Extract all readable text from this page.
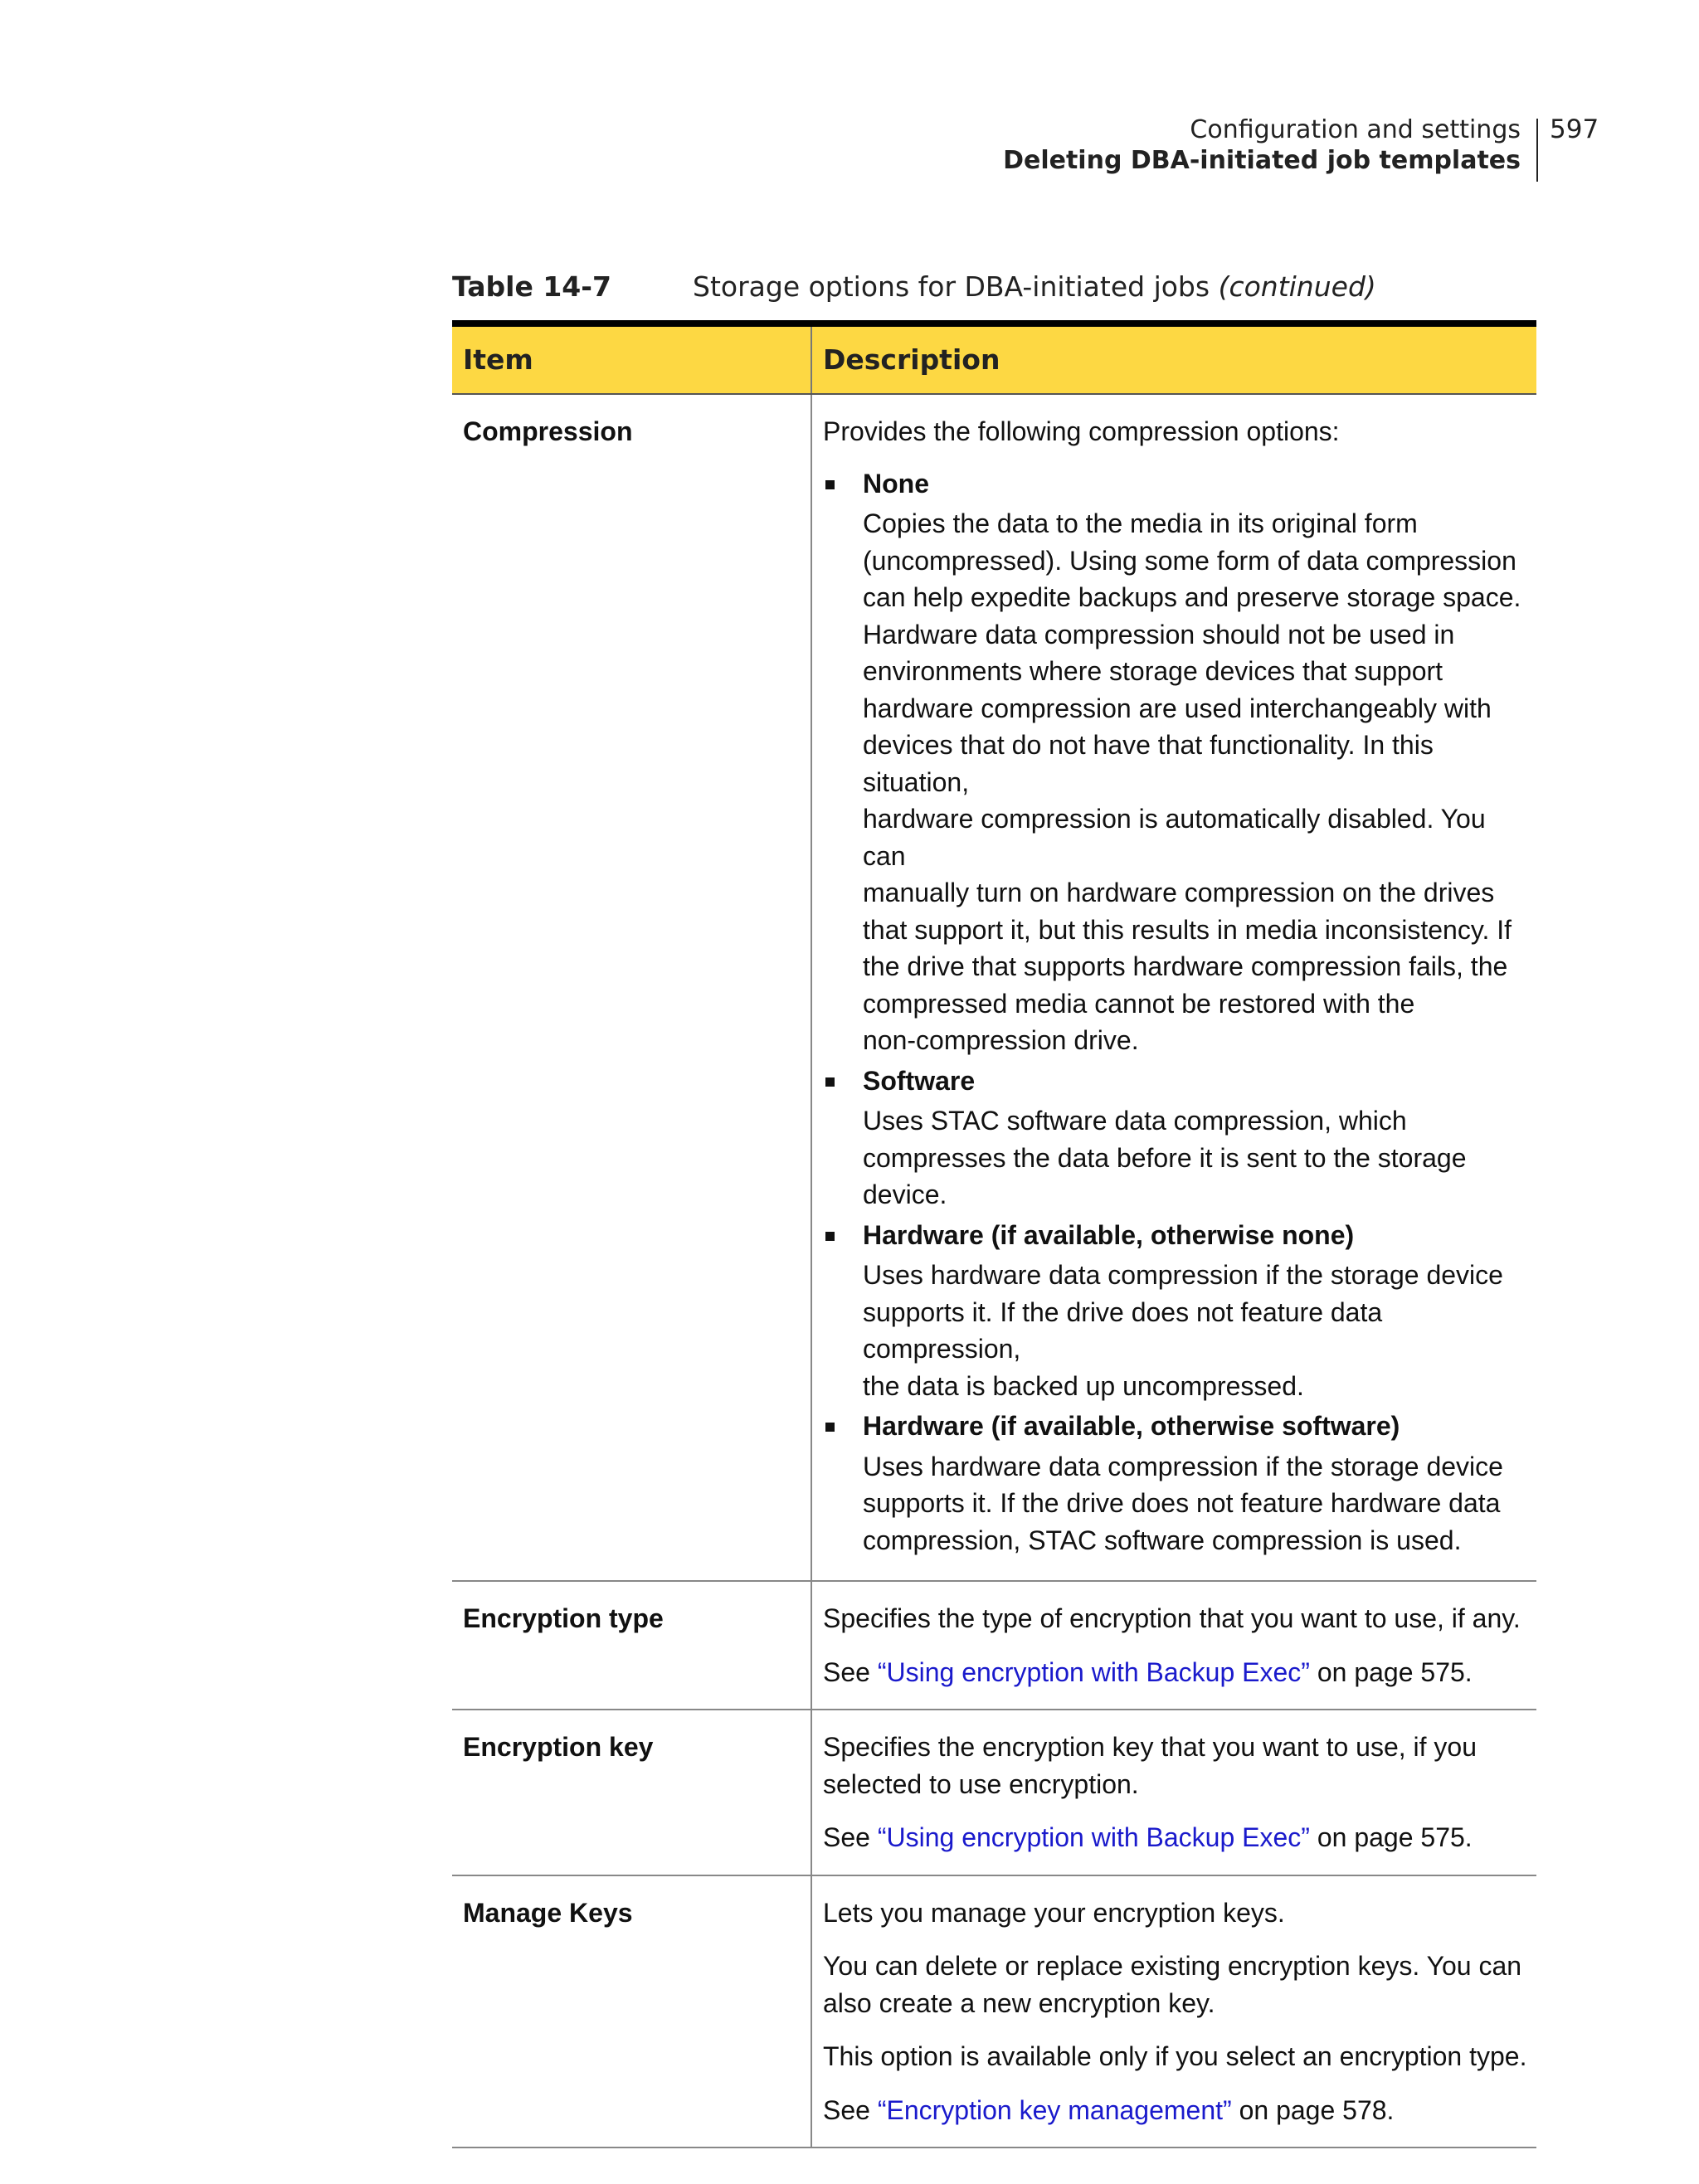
Configuration and settings
Deleting DBA-initiated job templates
597
Table 14-7	Storage options for DBA-initiated jobs (continued)
Item	Description
Compression	Provides the following compression options:

None
Copies the data to the media in its original form
(uncompressed). Using some form of data compression
can help expedite backups and preserve storage space.
Hardware data compression should not be used in
environments where storage devices that support
hardware compression are used interchangeably with
devices that do not have that functionality. In this situation,
hardware compression is automatically disabled. You can
manually turn on hardware compression on the drives
that support it, but this results in media inconsistency. If
the drive that supports hardware compression fails, the
compressed media cannot be restored with the
non-compression drive.
Software
Uses STAC software data compression, which
compresses the data before it is sent to the storage
device.
Hardware (if available, otherwise none)
Uses hardware data compression if the storage device
supports it. If the drive does not feature data compression,
the data is backed up uncompressed.
Hardware (if available, otherwise software)
Uses hardware data compression if the storage device
supports it. If the drive does not feature hardware data
compression, STAC software compression is used.
Encryption type	Specifies the type of encryption that you want to use, if any.

See “Using encryption with Backup Exec” on page 575.

Encryption key	Specifies the encryption key that you want to use, if you
selected to use encryption.

See “Using encryption with Backup Exec” on page 575.

Manage Keys	Lets you manage your encryption keys.

You can delete or replace existing encryption keys. You can
also create a new encryption key.

This option is available only if you select an encryption type.

See “Encryption key management” on page 578.
